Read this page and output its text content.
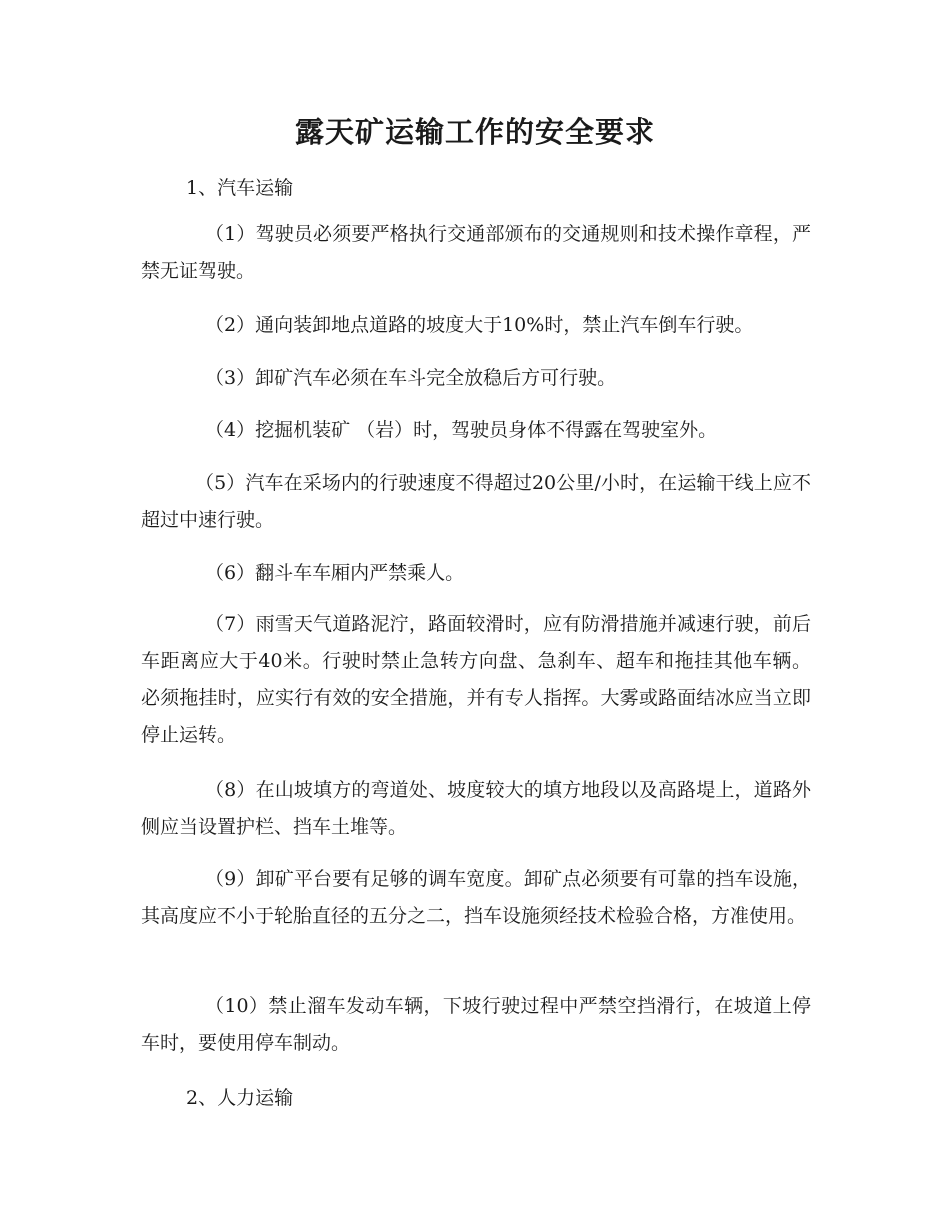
露天矿运输工作的安全要求

1、汽车运输

（1）驾驶员必须要严格执行交通部颁布的交通规则和技术操作章程，严禁无证驾驶。

（2）通向装卸地点道路的坡度大于10%时，禁止汽车倒车行驶。

（3）卸矿汽车必须在车斗完全放稳后方可行驶。

（4）挖掘机装矿 （岩）时，驾驶员身体不得露在驾驶室外。

（5）汽车在采场内的行驶速度不得超过20公里/小时，在运输干线上应不超过中速行驶。

（6）翻斗车车厢内严禁乘人。

（7）雨雪天气道路泥泞，路面较滑时，应有防滑措施并减速行驶，前后车距离应大于40米。行驶时禁止急转方向盘、急刹车、超车和拖挂其他车辆。必须拖挂时，应实行有效的安全措施，并有专人指挥。大雾或路面结冰应当立即停止运转。

（8）在山坡填方的弯道处、坡度较大的填方地段以及高路堤上，道路外侧应当设置护栏、挡车土堆等。

（9）卸矿平台要有足够的调车宽度。卸矿点必须要有可靠的挡车设施，其高度应不小于轮胎直径的五分之二，挡车设施须经技术检验合格，方准使用。

（10）禁止溜车发动车辆，下坡行驶过程中严禁空挡滑行，在坡道上停车时，要使用停车制动。

2、人力运输
